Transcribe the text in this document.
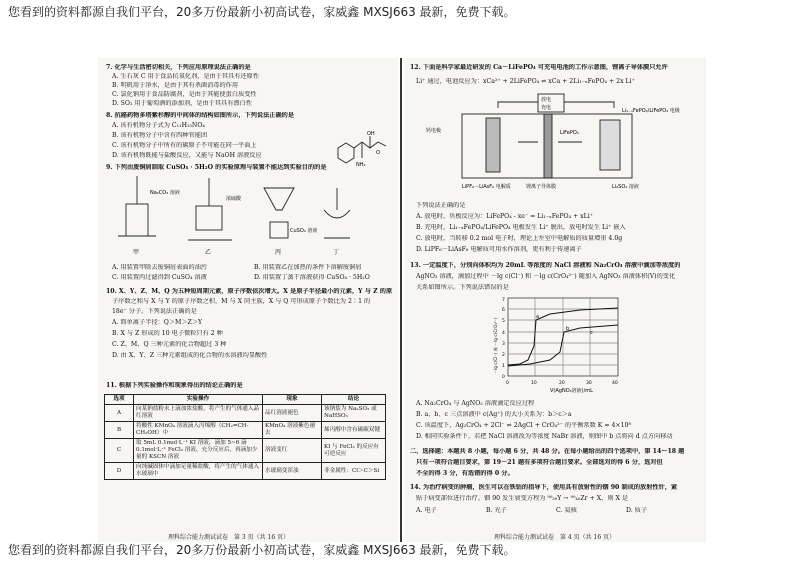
您看到的资料都源自我们平台，20多万份最新小初高试卷，家威鑫 MXSJ663 最新，免费下载。
7. 化学与生活密切相关，下列应用原理说法正确的是
A. 生石灰 C 用于食品抗氧化剂，是由于其具有还原性
B. 明矾用于净水，是由于其有杀菌消毒的作用
C. 氯化钠用于食品防腐剂，是由于其能使蛋白质变性
D. SO₂ 用于葡萄酒的添加剂，是由于其具有漂白性
8. 抗癌药物多塔紫杉醇的中间体的结构如图所示，下列说法正确的是
A. 该有机物分子式为 C₁₁H₁₅NO₄
B. 该有机物分子中含有四种官能团
C. 该有机物分子中所有的碳原子不可能在同一平面上
D. 该有机物既能与盐酸反应，又能与 NaOH 溶液反应
NH₂
OH
O
9. 下列由废铜屑制取 CuSO₄ · 5H₂O 的实验原理与装置不能达到实验目的的是
Na₂CO₃ 溶液
浓硫酸
CuSO₄ 溶液
甲	乙	丙	丁
A. 用装置甲除去废铜屑表面的油污	B. 用装置乙在加热的条件下溶解废铜屑
C. 用装置丙过滤得到 CuSO₄ 溶液	D. 用装置丁蒸干溶液获得 CuSO₄ · 5H₂O
10. X、Y、Z、M、Q 为五种短周期元素，原子序数依次增大。X 是原子半径最小的元素，Y 与 Z 的原
子序数之和与 X 与 Y 的原子序数之积，M 与 X 同主族，X 与 Q 可形成原子个数比为 2∶1 的
18e⁻ 分子。下列说法正确的是
A. 简单离子半径：Q＞M＞Z＞Y
B. X 与 Z 形成的 10 电子微粒只有 2 种
C. Z、M、Q 三种元素的化合物超过 3 种
D. 由 X、Y、Z 三种元素组成的化合物的水溶液均显酸性
11. 根据下列实验操作和现象得出的结论正确的是
选项	实验操作	现象	结论
A	向某钠盐粉末上滴加浓盐酸，将产生的气体通入品红溶液	品红溶液褪色	该钠盐为 Na₂SO₃ 或 NaHSO₃
B	将酸性 KMnO₄ 溶液滴入丙烯醇（CH₂=CH-CH₂OH）中	KMnO₄ 溶液紫色褪去	烯丙醇中含有碳碳双键
C	取 5mL 0.1mol·L⁻¹ KI 溶液，滴加 5~6 滴 0.1mol·L⁻¹ FeCl₃ 溶液，充分反应后，再滴加少量的 KSCN 溶液	溶液变红	KI 与 FeCl₃ 的反应有可逆反应
D	向纯碱固体中滴加足量稀盐酸，将产生的气体通入水玻璃中	水玻璃变浑浊	非金属性：Cl＞C＞Si
理科综合能力测试试卷　第 3 页（共 16 页）
12. 下面是科学家最近研发的 Ca－LiFePO₄ 可充电电池的工作示意图，锂离子导体膜只允许
Li⁺ 通过，电池反应为：xCa²⁺ + 2LiFePO₄ ⇌ xCa + 2Li₁₋ₓFePO₄ + 2x Li⁺
放电
充电
钙电极
LiPF₆－LiAsF₆ 电解质	锂离子导体膜	Li₂SO₄ 溶液
LiFePO₄
Li₁₋ₓFePO₄/LiFePO₄ 电极
下列说法正确的是
A. 放电时，负极反应为：LiFePO₄ - xe⁻ = Li₁₋ₓFePO₄ + xLi⁺
B. 充电时，Li₁₋ₓFePO₄/LiFePO₄ 电极发生 Li⁺ 脱出，放电时发生 Li⁺ 嵌入
C. 放电时，当转移 0.2 mol 电子时，理论上左室中电解质的质量增重 4.0g
D. LiPF₆－LiAsF₆ 电解质可用水作溶剂，更有利于传递离子
13. 一定温度下，分别向体积均为 20mL 等浓度的 NaCl 溶液和 Na₂CrO₄ 溶液中滴加等浓度的
AgNO₃ 溶液，滴加过程中 －lg c(Cl⁻) 和 －lg c(CrO₄²⁻) 随加入 AgNO₃ 溶液体积(V)的变化
关系如图所示。下列说法错误的是
a
b
c
0
1
2
3
4
5
6
7
0	10	20	30	40
V(AgNO₃溶液)/mL
－lg c(Cl⁻) 或 －lg c(CrO₄²⁻)
A. Na₂CrO₄ 与 AgNO₃ 溶液滴定反应过程
B. a、b、c 三点溶液中 c(Ag⁺) 的大小关系为：b＞c＞a
C. 该温度下，Ag₂CrO₄ + 2Cl⁻ ⇌ 2AgCl + CrO₄²⁻ 的平衡常数 K = 4×10⁸
D. 相同实验条件下，若把 NaCl 溶液改为等浓度 NaBr 溶液，则图中 b 点将向 d 点方向移动
二、选择题：本题共 8 小题，每小题 6 分，共 48 分。在每小题给出的四个选项中，第 14～18 题
只有一项符合题目要求，第 19－21 题有多项符合题目要求。全部选对的得 6 分，选对但
不全的得 3 分，有选错的得 0 分。
14. 为治疗病变的肿瘤，医生可以在铁钴的指导下，使用具有放射性的铟 90 制成的放射性针，紧
贴于病变部位进行治疗。铟 90 发生衰变方程为 ⁹⁰₃₉Y → ⁹⁰₄₀Zr + X，则 X 是
A. 电子	B. 光子	C. 氦核	D. 质子
理科综合能力测试试卷　第 4 页（共 16 页）
您看到的资料都源自我们平台，20多万份最新小初高试卷，家威鑫 MXSJ663 最新，免费下载。
